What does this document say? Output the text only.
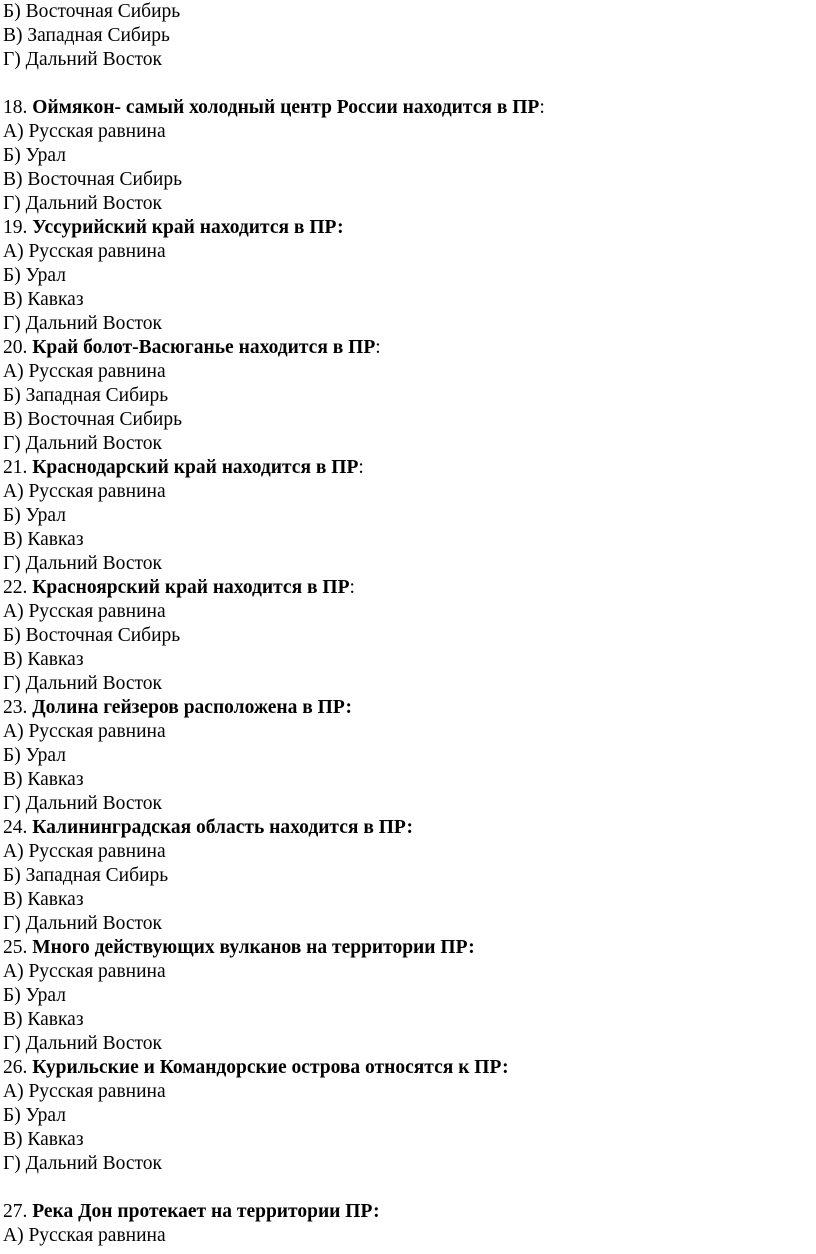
Б) Восточная Сибирь
В) Западная Сибирь
Г) Дальний Восток
18. Оймякон- самый холодный центр России находится в ПР:
А) Русская равнина
Б) Урал
В) Восточная Сибирь
Г) Дальний Восток
19. Уссурийский край находится в ПР:
А) Русская равнина
Б) Урал
В) Кавказ
Г) Дальний Восток
20. Край болот-Васюганье находится в ПР:
А) Русская равнина
Б) Западная Сибирь
В) Восточная Сибирь
Г) Дальний Восток
21. Краснодарский край находится в ПР:
А) Русская равнина
Б) Урал
В) Кавказ
Г) Дальний Восток
22. Красноярский край находится в ПР:
А) Русская равнина
Б) Восточная Сибирь
В) Кавказ
Г) Дальний Восток
23. Долина гейзеров расположена в ПР:
А) Русская равнина
Б) Урал
В) Кавказ
Г) Дальний Восток
24. Калининградская область находится в ПР:
А) Русская равнина
Б) Западная Сибирь
В) Кавказ
Г) Дальний Восток
25. Много действующих вулканов на территории ПР:
А) Русская равнина
Б) Урал
В) Кавказ
Г) Дальний Восток
26. Курильские и Командорские острова относятся к ПР:
А) Русская равнина
Б) Урал
В) Кавказ
Г) Дальний Восток
27. Река Дон протекает на территории ПР:
А) Русская равнина
